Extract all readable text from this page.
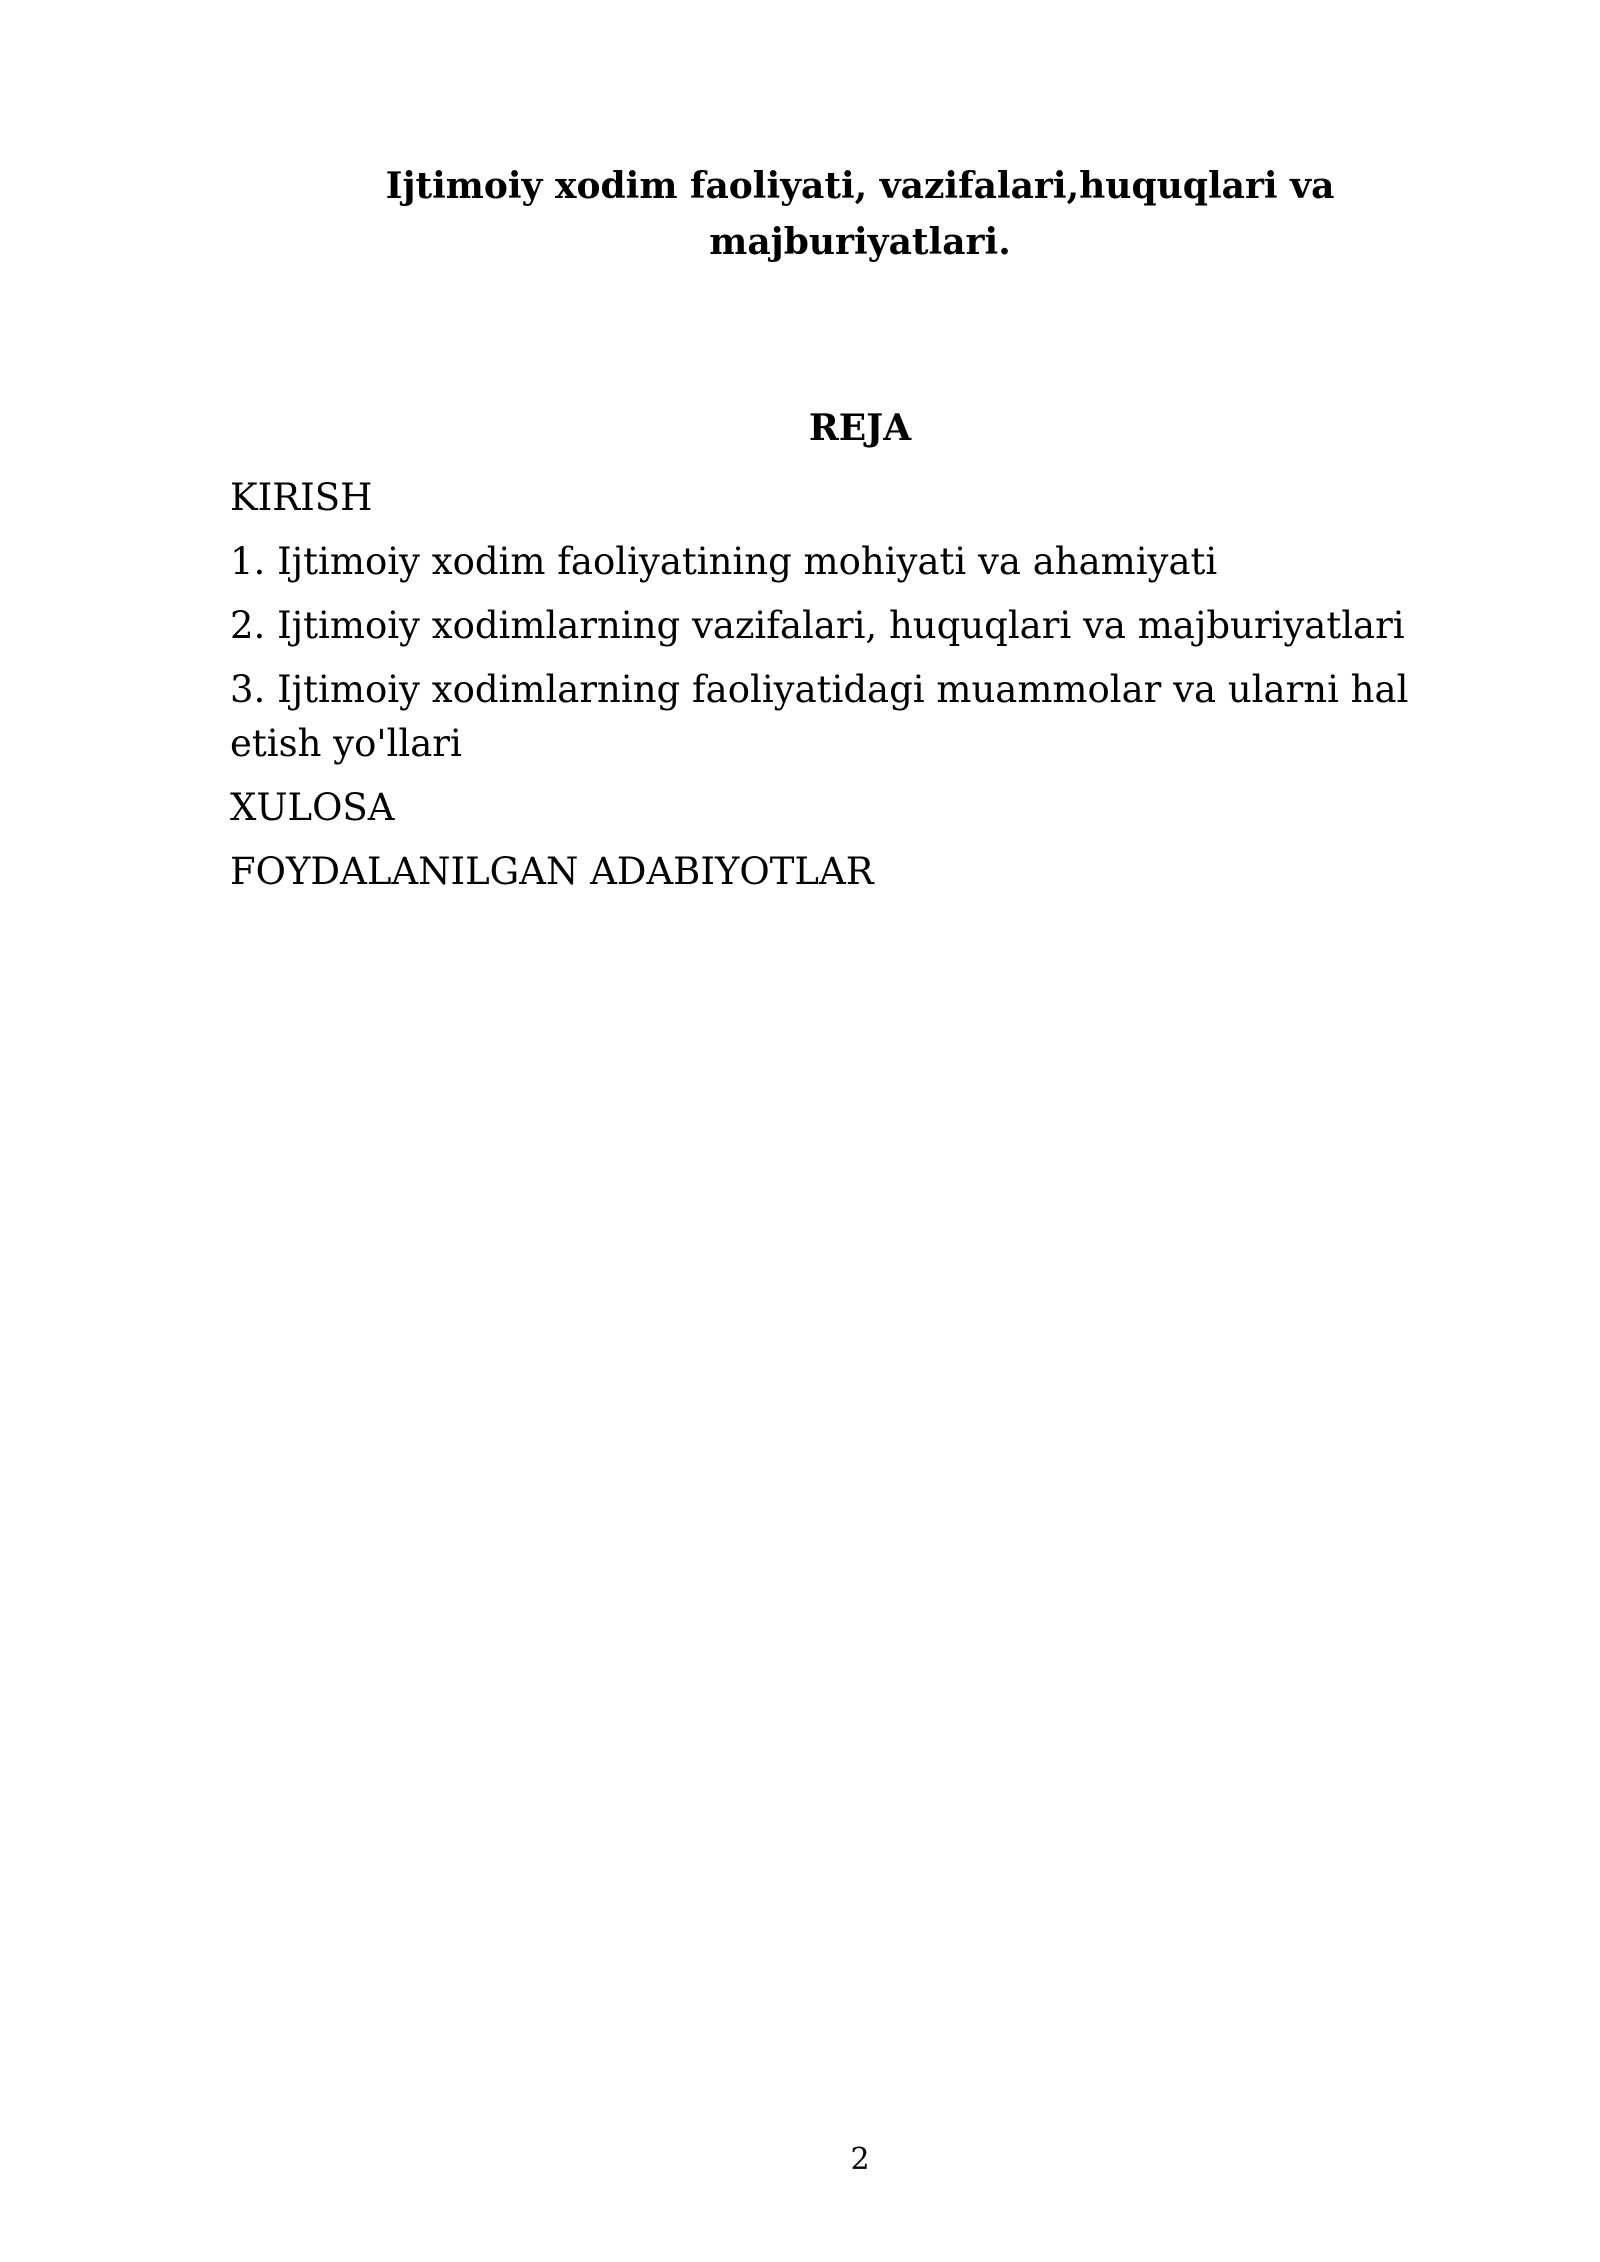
Ijtimoiy xodim faoliyati, vazifalari,huquqlari va majburiyatlari.
REJA
KIRISH
1. Ijtimoiy xodim faoliyatining mohiyati va ahamiyati
2. Ijtimoiy xodimlarning vazifalari, huquqlari va majburiyatlari
3. Ijtimoiy xodimlarning faoliyatidagi muammolar va ularni hal etish yo'llari
XULOSA
FOYDALANILGAN ADABIYOTLAR
2
